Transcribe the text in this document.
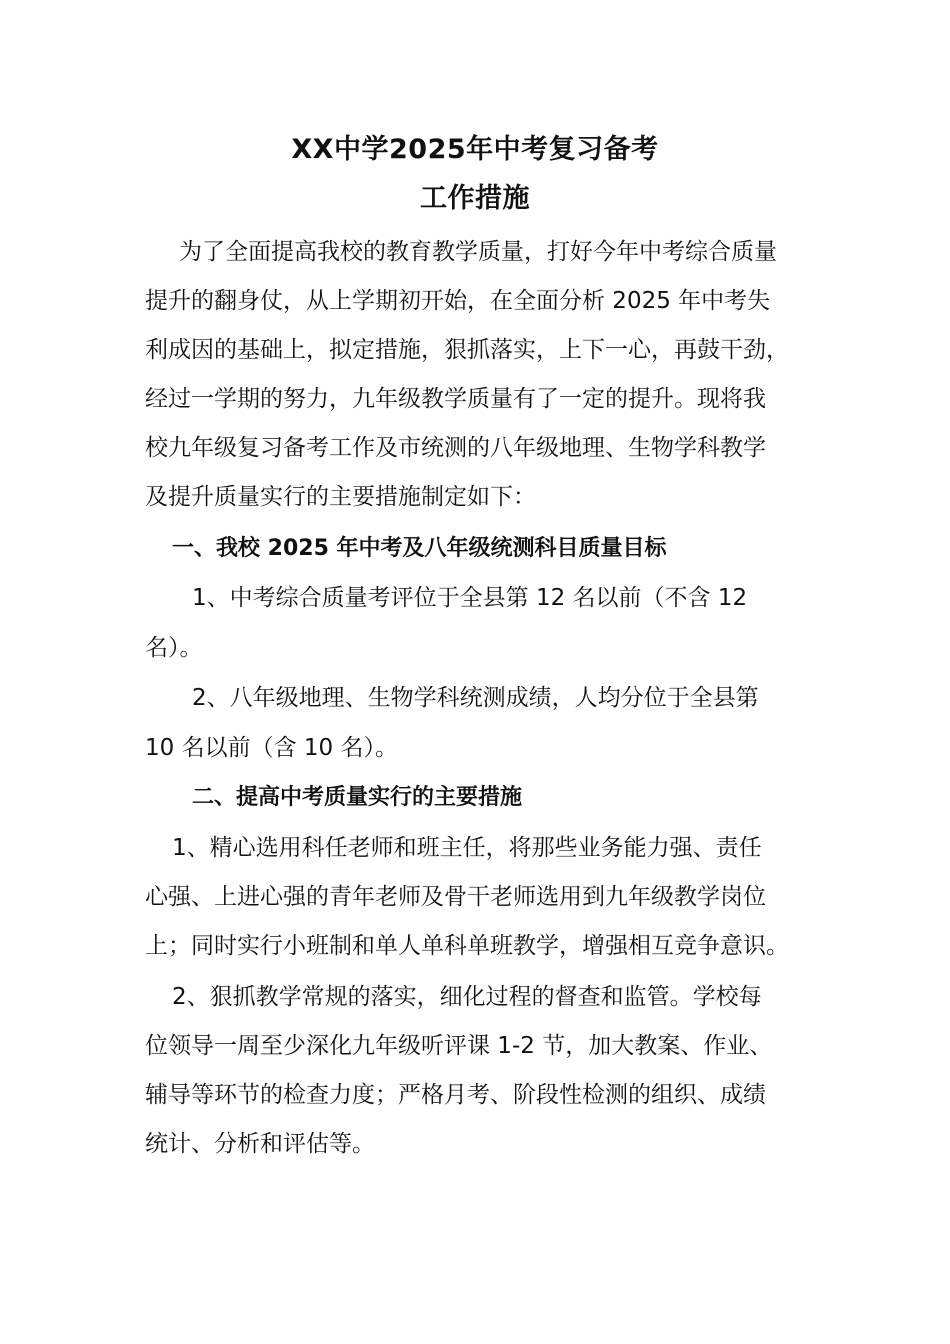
XX中学2025年中考复习备考
工作措施
为了全面提高我校的教育教学质量，打好今年中考综合质量
提升的翻身仗，从上学期初开始，在全面分析 2025 年中考失
利成因的基础上，拟定措施，狠抓落实，上下一心，再鼓干劲，
经过一学期的努力，九年级教学质量有了一定的提升。现将我
校九年级复习备考工作及市统测的八年级地理、生物学科教学
及提升质量实行的主要措施制定如下：
一、我校 2025 年中考及八年级统测科目质量目标
1、中考综合质量考评位于全县第 12 名以前（不含 12
名）。
2、八年级地理、生物学科统测成绩，人均分位于全县第
10 名以前（含 10 名）。
二、提高中考质量实行的主要措施
1、精心选用科任老师和班主任，将那些业务能力强、责任
心强、上进心强的青年老师及骨干老师选用到九年级教学岗位
上；同时实行小班制和单人单科单班教学，增强相互竞争意识。
2、狠抓教学常规的落实，细化过程的督查和监管。学校每
位领导一周至少深化九年级听评课 1-2 节，加大教案、作业、
辅导等环节的检查力度；严格月考、阶段性检测的组织、成绩
统计、分析和评估等。
